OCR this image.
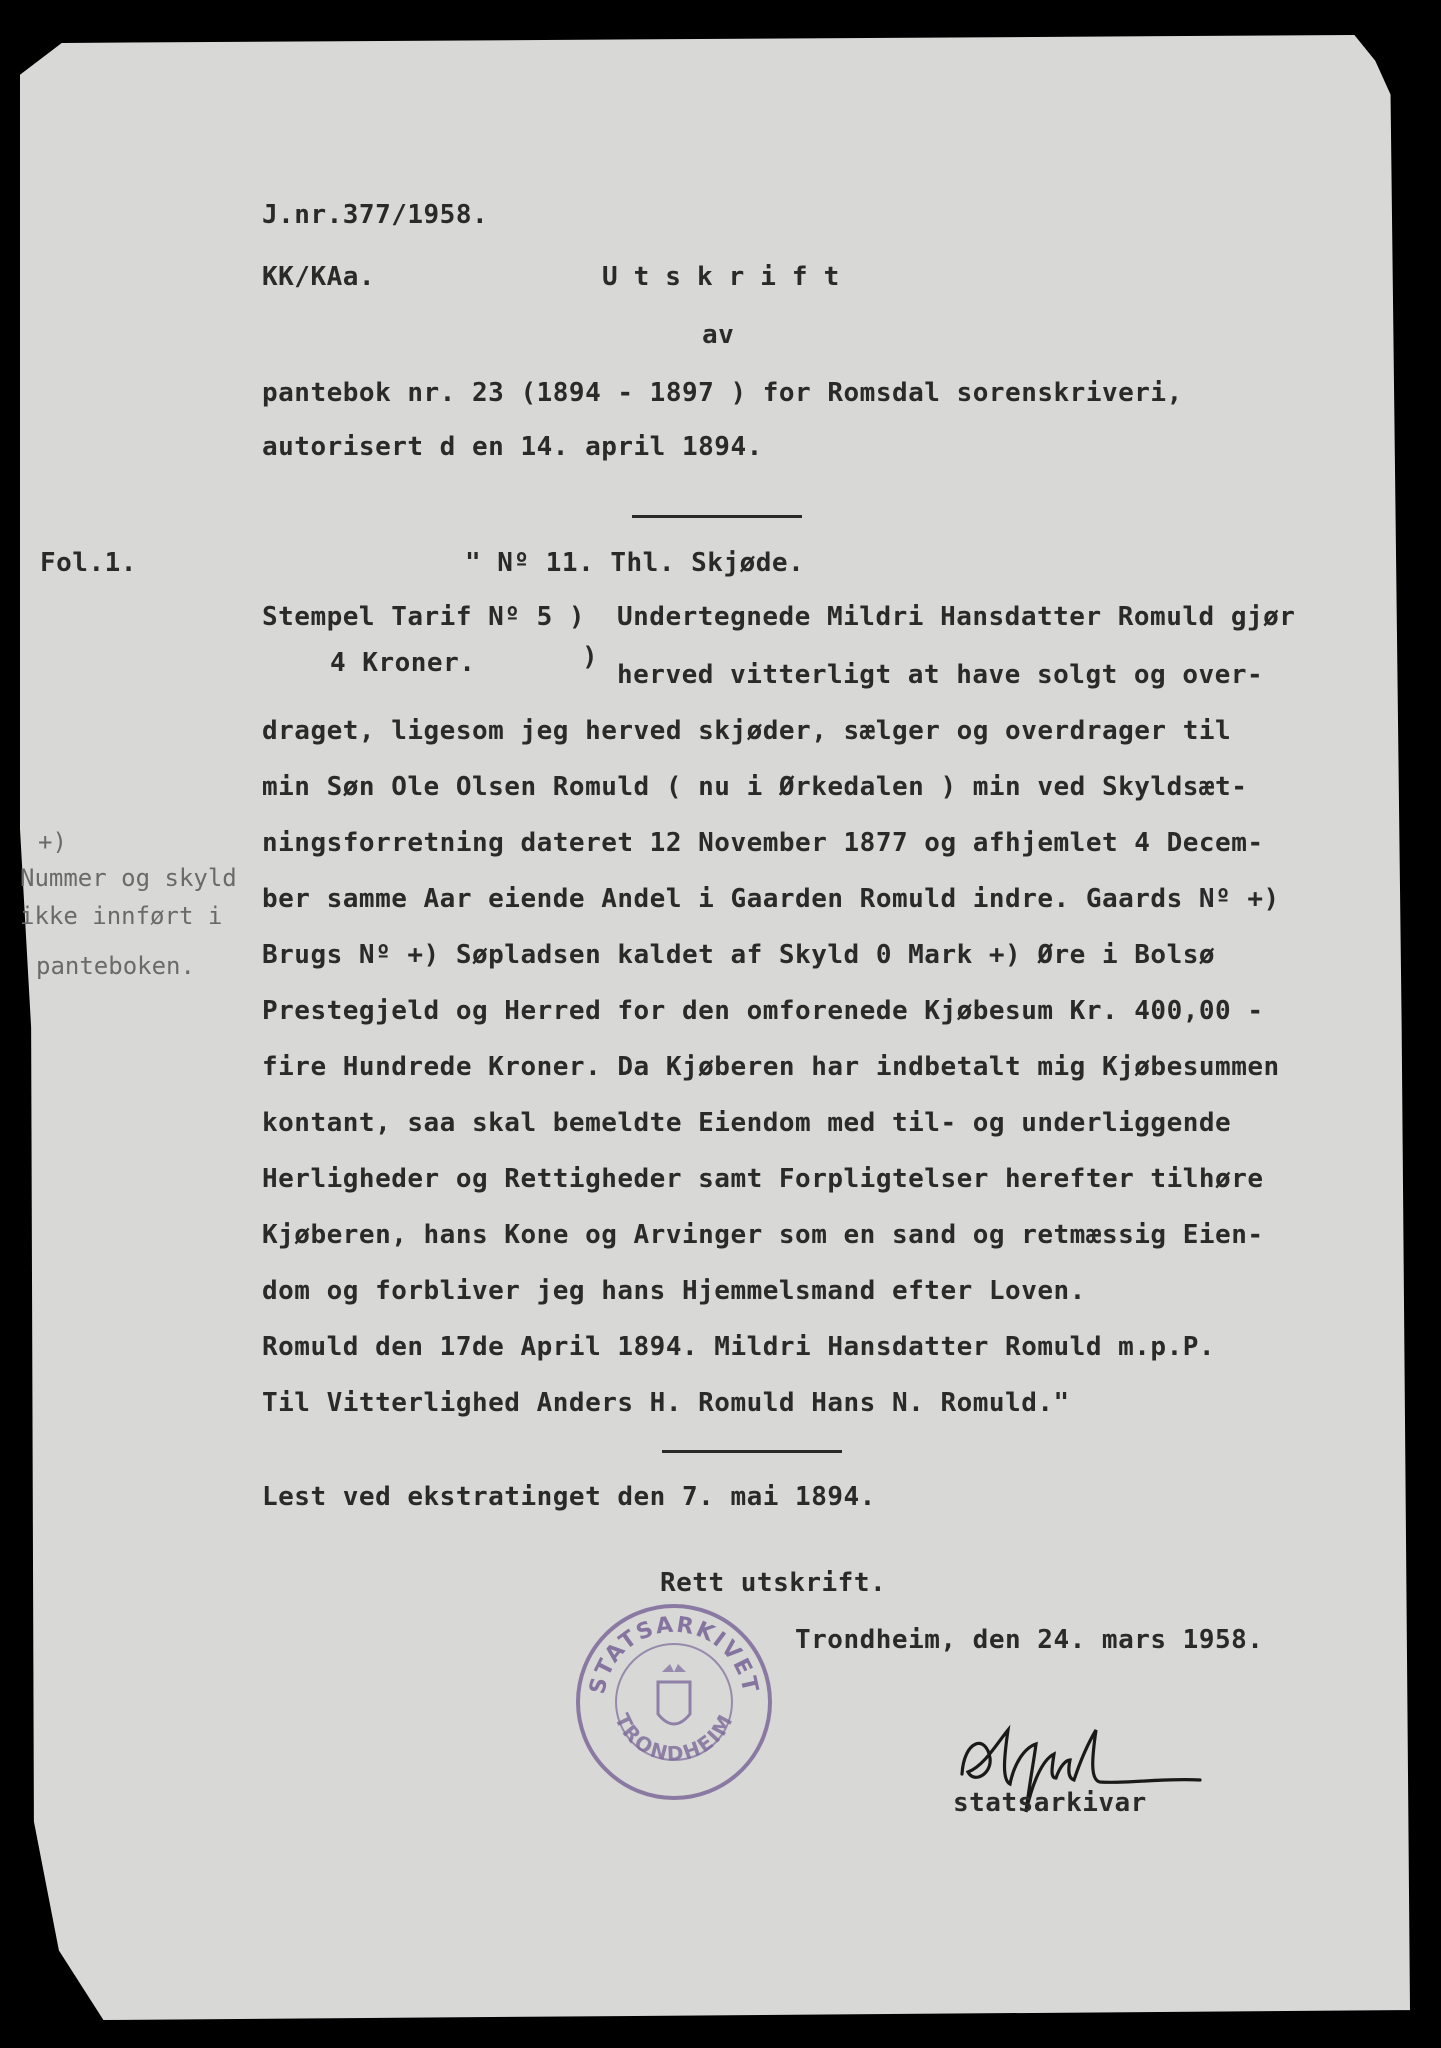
J.nr.377/1958.
KK/KAa.	Utskrift
av
pantebok nr. 23 (1894 - 1897 ) for Romsdal sorenskriveri,
autorisert d en 14. april 1894.
Fol.1.	" Nº 11. Thl. Skjøde.
Stempel Tarif Nº 5 )
4 Kroner.	)
Undertegnede Mildri Hansdatter Romuld gjør
herved vitterligt at have solgt og over-
draget, ligesom jeg herved skjøder, sælger og overdrager til
min Søn Ole Olsen Romuld ( nu i Ørkedalen ) min ved Skyldsæt-
ningsforretning dateret 12 November 1877 og afhjemlet 4 Decem-
ber samme Aar eiende Andel i Gaarden Romuld indre. Gaards Nº +)
Brugs Nº +) Søpladsen kaldet af Skyld 0 Mark +) Øre i Bolsø
Prestegjeld og Herred for den omforenede Kjøbesum Kr. 400,00 -
fire Hundrede Kroner. Da Kjøberen har indbetalt mig Kjøbesummen
kontant, saa skal bemeldte Eiendom med til- og underliggende
Herligheder og Rettigheder samt Forpligtelser herefter tilhøre
Kjøberen, hans Kone og Arvinger som en sand og retmæssig Eien-
dom og forbliver jeg hans Hjemmelsmand efter Loven.
Romuld den 17de April 1894. Mildri Hansdatter Romuld m.p.P.
Til Vitterlighed Anders H. Romuld Hans N. Romuld."
+)
Nummer og skyld
ikke innført i
panteboken.
Lest ved ekstratinget den 7. mai 1894.
Rett utskrift.
Trondheim, den 24. mars 1958.
STATSARKIVET
TRONDHEIM
statsarkivar
